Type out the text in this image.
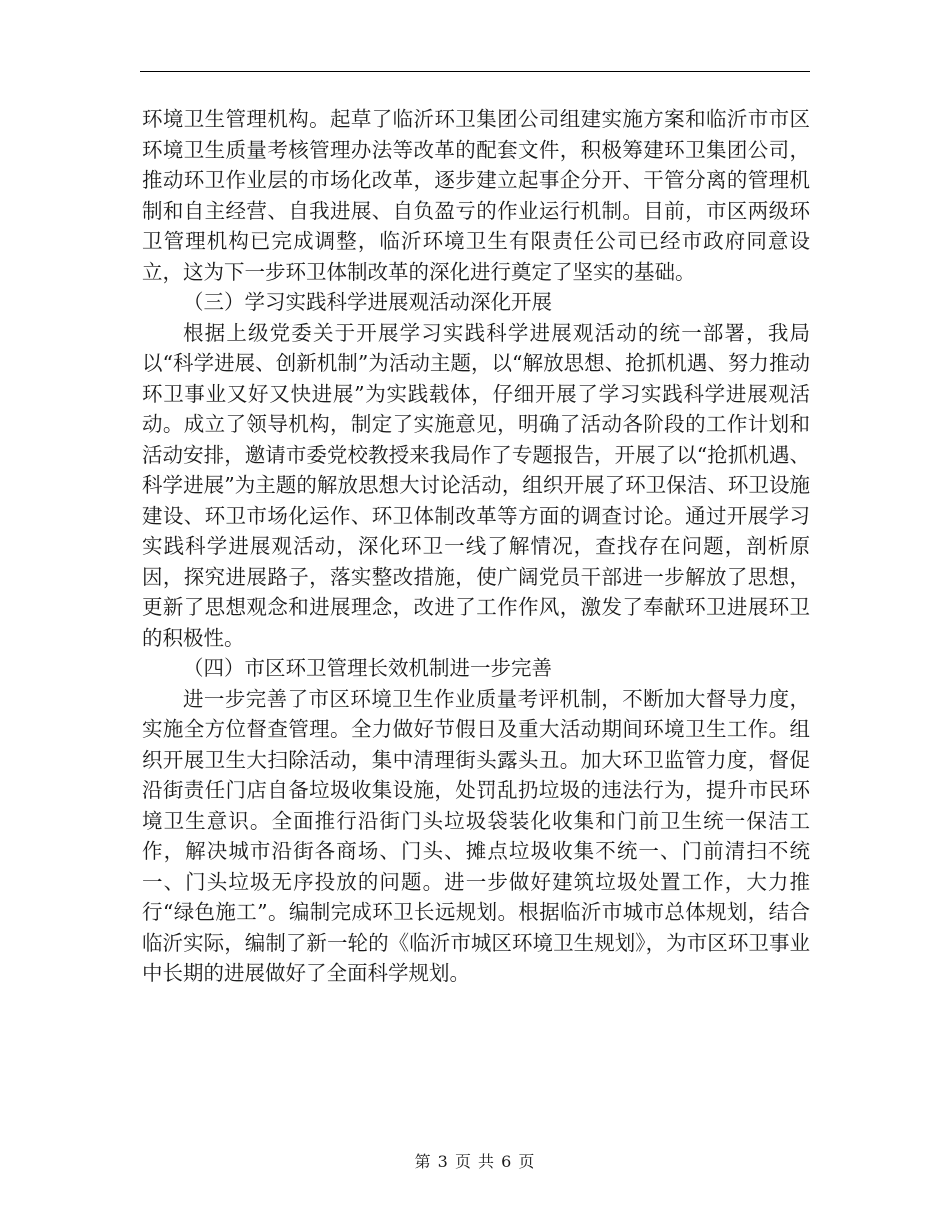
环境卫生管理机构。起草了临沂环卫集团公司组建实施方案和临沂市市区环境卫生质量考核管理办法等改革的配套文件，积极筹建环卫集团公司，推动环卫作业层的市场化改革，逐步建立起事企分开、干管分离的管理机制和自主经营、自我进展、自负盈亏的作业运行机制。目前，市区两级环卫管理机构已完成调整，临沂环境卫生有限责任公司已经市政府同意设立，这为下一步环卫体制改革的深化进行奠定了坚实的基础。

（三）学习实践科学进展观活动深化开展

根据上级党委关于开展学习实践科学进展观活动的统一部署，我局以“科学进展、创新机制”为活动主题，以“解放思想、抢抓机遇、努力推动环卫事业又好又快进展”为实践载体，仔细开展了学习实践科学进展观活动。成立了领导机构，制定了实施意见，明确了活动各阶段的工作计划和活动安排，邀请市委党校教授来我局作了专题报告，开展了以“抢抓机遇、科学进展”为主题的解放思想大讨论活动，组织开展了环卫保洁、环卫设施建设、环卫市场化运作、环卫体制改革等方面的调查讨论。通过开展学习实践科学进展观活动，深化环卫一线了解情况，查找存在问题，剖析原因，探究进展路子，落实整改措施，使广阔党员干部进一步解放了思想，更新了思想观念和进展理念，改进了工作作风，激发了奉献环卫进展环卫的积极性。

（四）市区环卫管理长效机制进一步完善

进一步完善了市区环境卫生作业质量考评机制，不断加大督导力度，实施全方位督查管理。全力做好节假日及重大活动期间环境卫生工作。组织开展卫生大扫除活动，集中清理街头露头丑。加大环卫监管力度，督促沿街责任门店自备垃圾收集设施，处罚乱扔垃圾的违法行为，提升市民环境卫生意识。全面推行沿街门头垃圾袋装化收集和门前卫生统一保洁工作，解决城市沿街各商场、门头、摊点垃圾收集不统一、门前清扫不统一、门头垃圾无序投放的问题。进一步做好建筑垃圾处置工作，大力推行“绿色施工”。编制完成环卫长远规划。根据临沂市城市总体规划，结合临沂实际，编制了新一轮的《临沂市城区环境卫生规划》，为市区环卫事业中长期的进展做好了全面科学规划。

第 3 页 共 6 页
